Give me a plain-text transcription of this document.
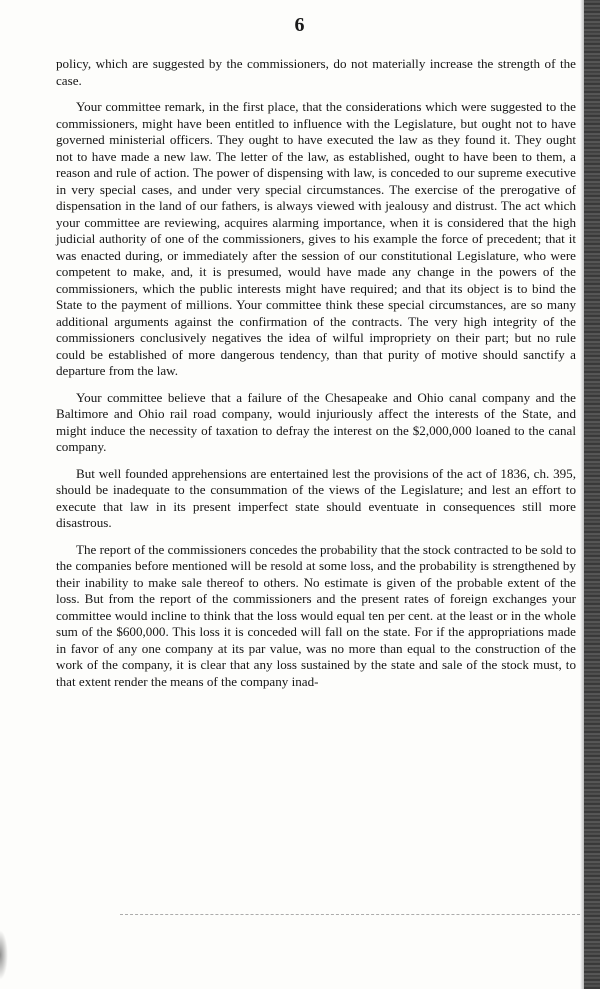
6

policy, which are suggested by the commissioners, do not materially increase the strength of the case.

Your committee remark, in the first place, that the considerations which were suggested to the commissioners, might have been entitled to influence with the Legislature, but ought not to have governed ministerial officers. They ought to have executed the law as they found it. They ought not to have made a new law. The letter of the law, as established, ought to have been to them, a reason and rule of action. The power of dispensing with law, is conceded to our supreme executive in very special cases, and under very special circumstances. The exercise of the prerogative of dispensation in the land of our fathers, is always viewed with jealousy and distrust. The act which your committee are reviewing, acquires alarming importance, when it is considered that the high judicial authority of one of the commissioners, gives to his example the force of precedent; that it was enacted during, or immediately after the session of our constitutional Legislature, who were competent to make, and, it is presumed, would have made any change in the powers of the commissioners, which the public interests might have required; and that its object is to bind the State to the payment of millions. Your committee think these special circumstances, are so many additional arguments against the confirmation of the contracts. The very high integrity of the commissioners conclusively negatives the idea of wilful impropriety on their part; but no rule could be established of more dangerous tendency, than that purity of motive should sanctify a departure from the law.

Your committee believe that a failure of the Chesapeake and Ohio canal company and the Baltimore and Ohio rail road company, would injuriously affect the interests of the State, and might induce the necessity of taxation to defray the interest on the $2,000,000 loaned to the canal company.

But well founded apprehensions are entertained lest the provisions of the act of 1836, ch. 395, should be inadequate to the consummation of the views of the Legislature; and lest an effort to execute that law in its present imperfect state should eventuate in consequences still more disastrous.

The report of the commissioners concedes the probability that the stock contracted to be sold to the companies before mentioned will be resold at some loss, and the probability is strengthened by their inability to make sale thereof to others. No estimate is given of the probable extent of the loss. But from the report of the commissioners and the present rates of foreign exchanges your committee would incline to think that the loss would equal ten per cent. at the least or in the whole sum of the $600,000. This loss it is conceded will fall on the state. For if the appropriations made in favor of any one company at its par value, was no more than equal to the construction of the work of the company, it is clear that any loss sustained by the state and sale of the stock must, to that extent render the means of the company inad-
